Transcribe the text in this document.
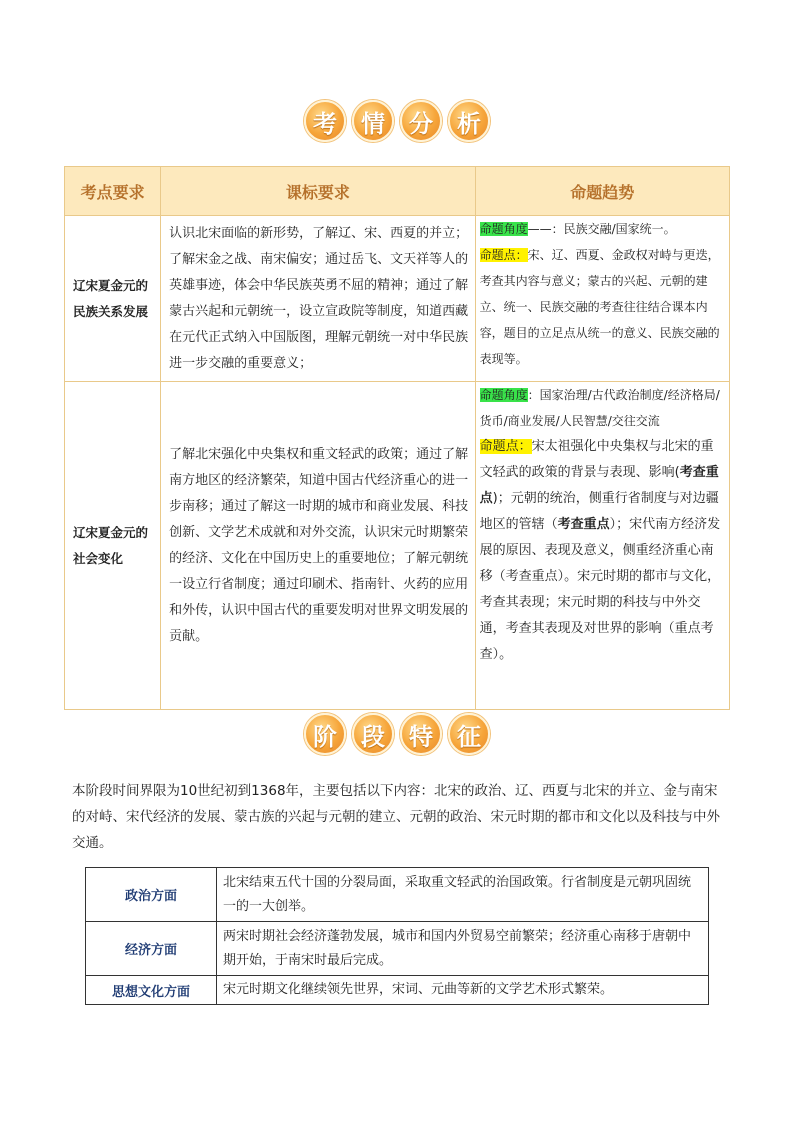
考	情	分	析
考点要求	课标要求	命题趋势
辽宋夏金元的民族关系发展	认识北宋面临的新形势，了解辽、宋、西夏的并立；了解宋金之战、南宋偏安；通过岳飞、文天祥等人的英雄事迹，体会中华民族英勇不屈的精神；通过了解蒙古兴起和元朝统一，设立宣政院等制度，知道西藏在元代正式纳入中国版图，理解元朝统一对中华民族进一步交融的重要意义；	命题角度——：民族交融/国家统一。
命题点：宋、辽、西夏、金政权对峙与更迭，考查其内容与意义；蒙古的兴起、元朝的建立、统一、民族交融的考查往往结合课本内容，题目的立足点从统一的意义、民族交融的表现等。

辽宋夏金元的社会变化	了解北宋强化中央集权和重文轻武的政策；通过了解南方地区的经济繁荣，知道中国古代经济重心的进一步南移；通过了解这一时期的城市和商业发展、科技创新、文学艺术成就和对外交流，认识宋元时期繁荣的经济、文化在中国历史上的重要地位；了解元朝统一设立行省制度；通过印刷术、指南针、火药的应用和外传，认识中国古代的重要发明对世界文明发展的贡献。	命题角度：国家治理/古代政治制度/经济格局/货币/商业发展/人民智慧/交往交流
命题点：宋太祖强化中央集权与北宋的重文轻武的政策的背景与表现、影响(考查重点)；元朝的统治，侧重行省制度与对边疆地区的管辖（考查重点）；宋代南方经济发展的原因、表现及意义，侧重经济重心南移（考查重点）。宋元时期的都市与文化，考查其表现；宋元时期的科技与中外交通，考查其表现及对世界的影响（重点考查）。
阶	段	特	征

本阶段时间界限为10世纪初到1368年，主要包括以下内容：北宋的政治、辽、西夏与北宋的并立、金与南宋的对峙、宋代经济的发展、蒙古族的兴起与元朝的建立、元朝的政治、宋元时期的都市和文化以及科技与中外交通。

政治方面	北宋结束五代十国的分裂局面，采取重文轻武的治国政策。行省制度是元朝巩固统一的一大创举。
经济方面	两宋时期社会经济蓬勃发展，城市和国内外贸易空前繁荣；经济重心南移于唐朝中期开始，于南宋时最后完成。
思想文化方面	宋元时期文化继续领先世界，宋词、元曲等新的文学艺术形式繁荣。
